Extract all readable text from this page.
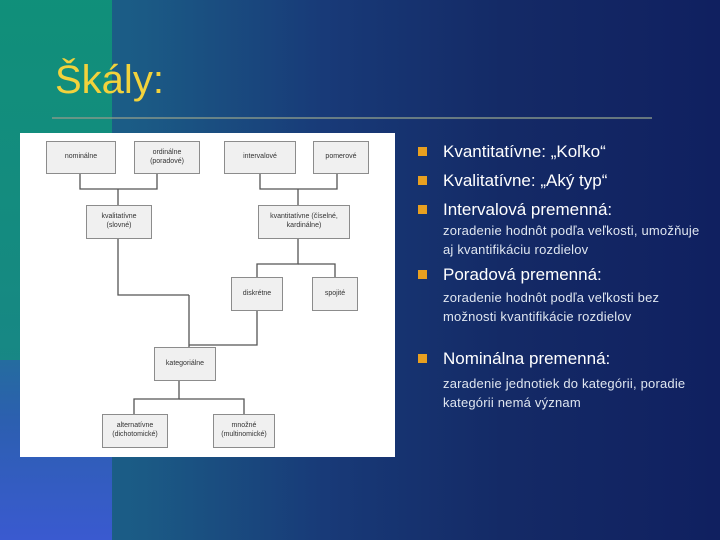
Škály:
nominálne
ordinálne
(poradové)
intervalové	pomerové
kvalitatívne
(slovné)
kvantitatívne (číselné,
kardinálne)
diskrétne	spojité
kategoriálne
alternatívne
(dichotomické)
množné
(multinomické)
Kvantitatívne: „Koľko“
Kvalitatívne: „Aký typ“
Intervalová premenná:
zoradenie hodnôt podľa veľkosti, umožňuje aj kvantifikáciu rozdielov
Poradová premenná:
zoradenie hodnôt podľa veľkosti bez možnosti kvantifikácie rozdielov
Nominálna premenná:
zaradenie jednotiek do kategórii, poradie kategórii nemá význam
